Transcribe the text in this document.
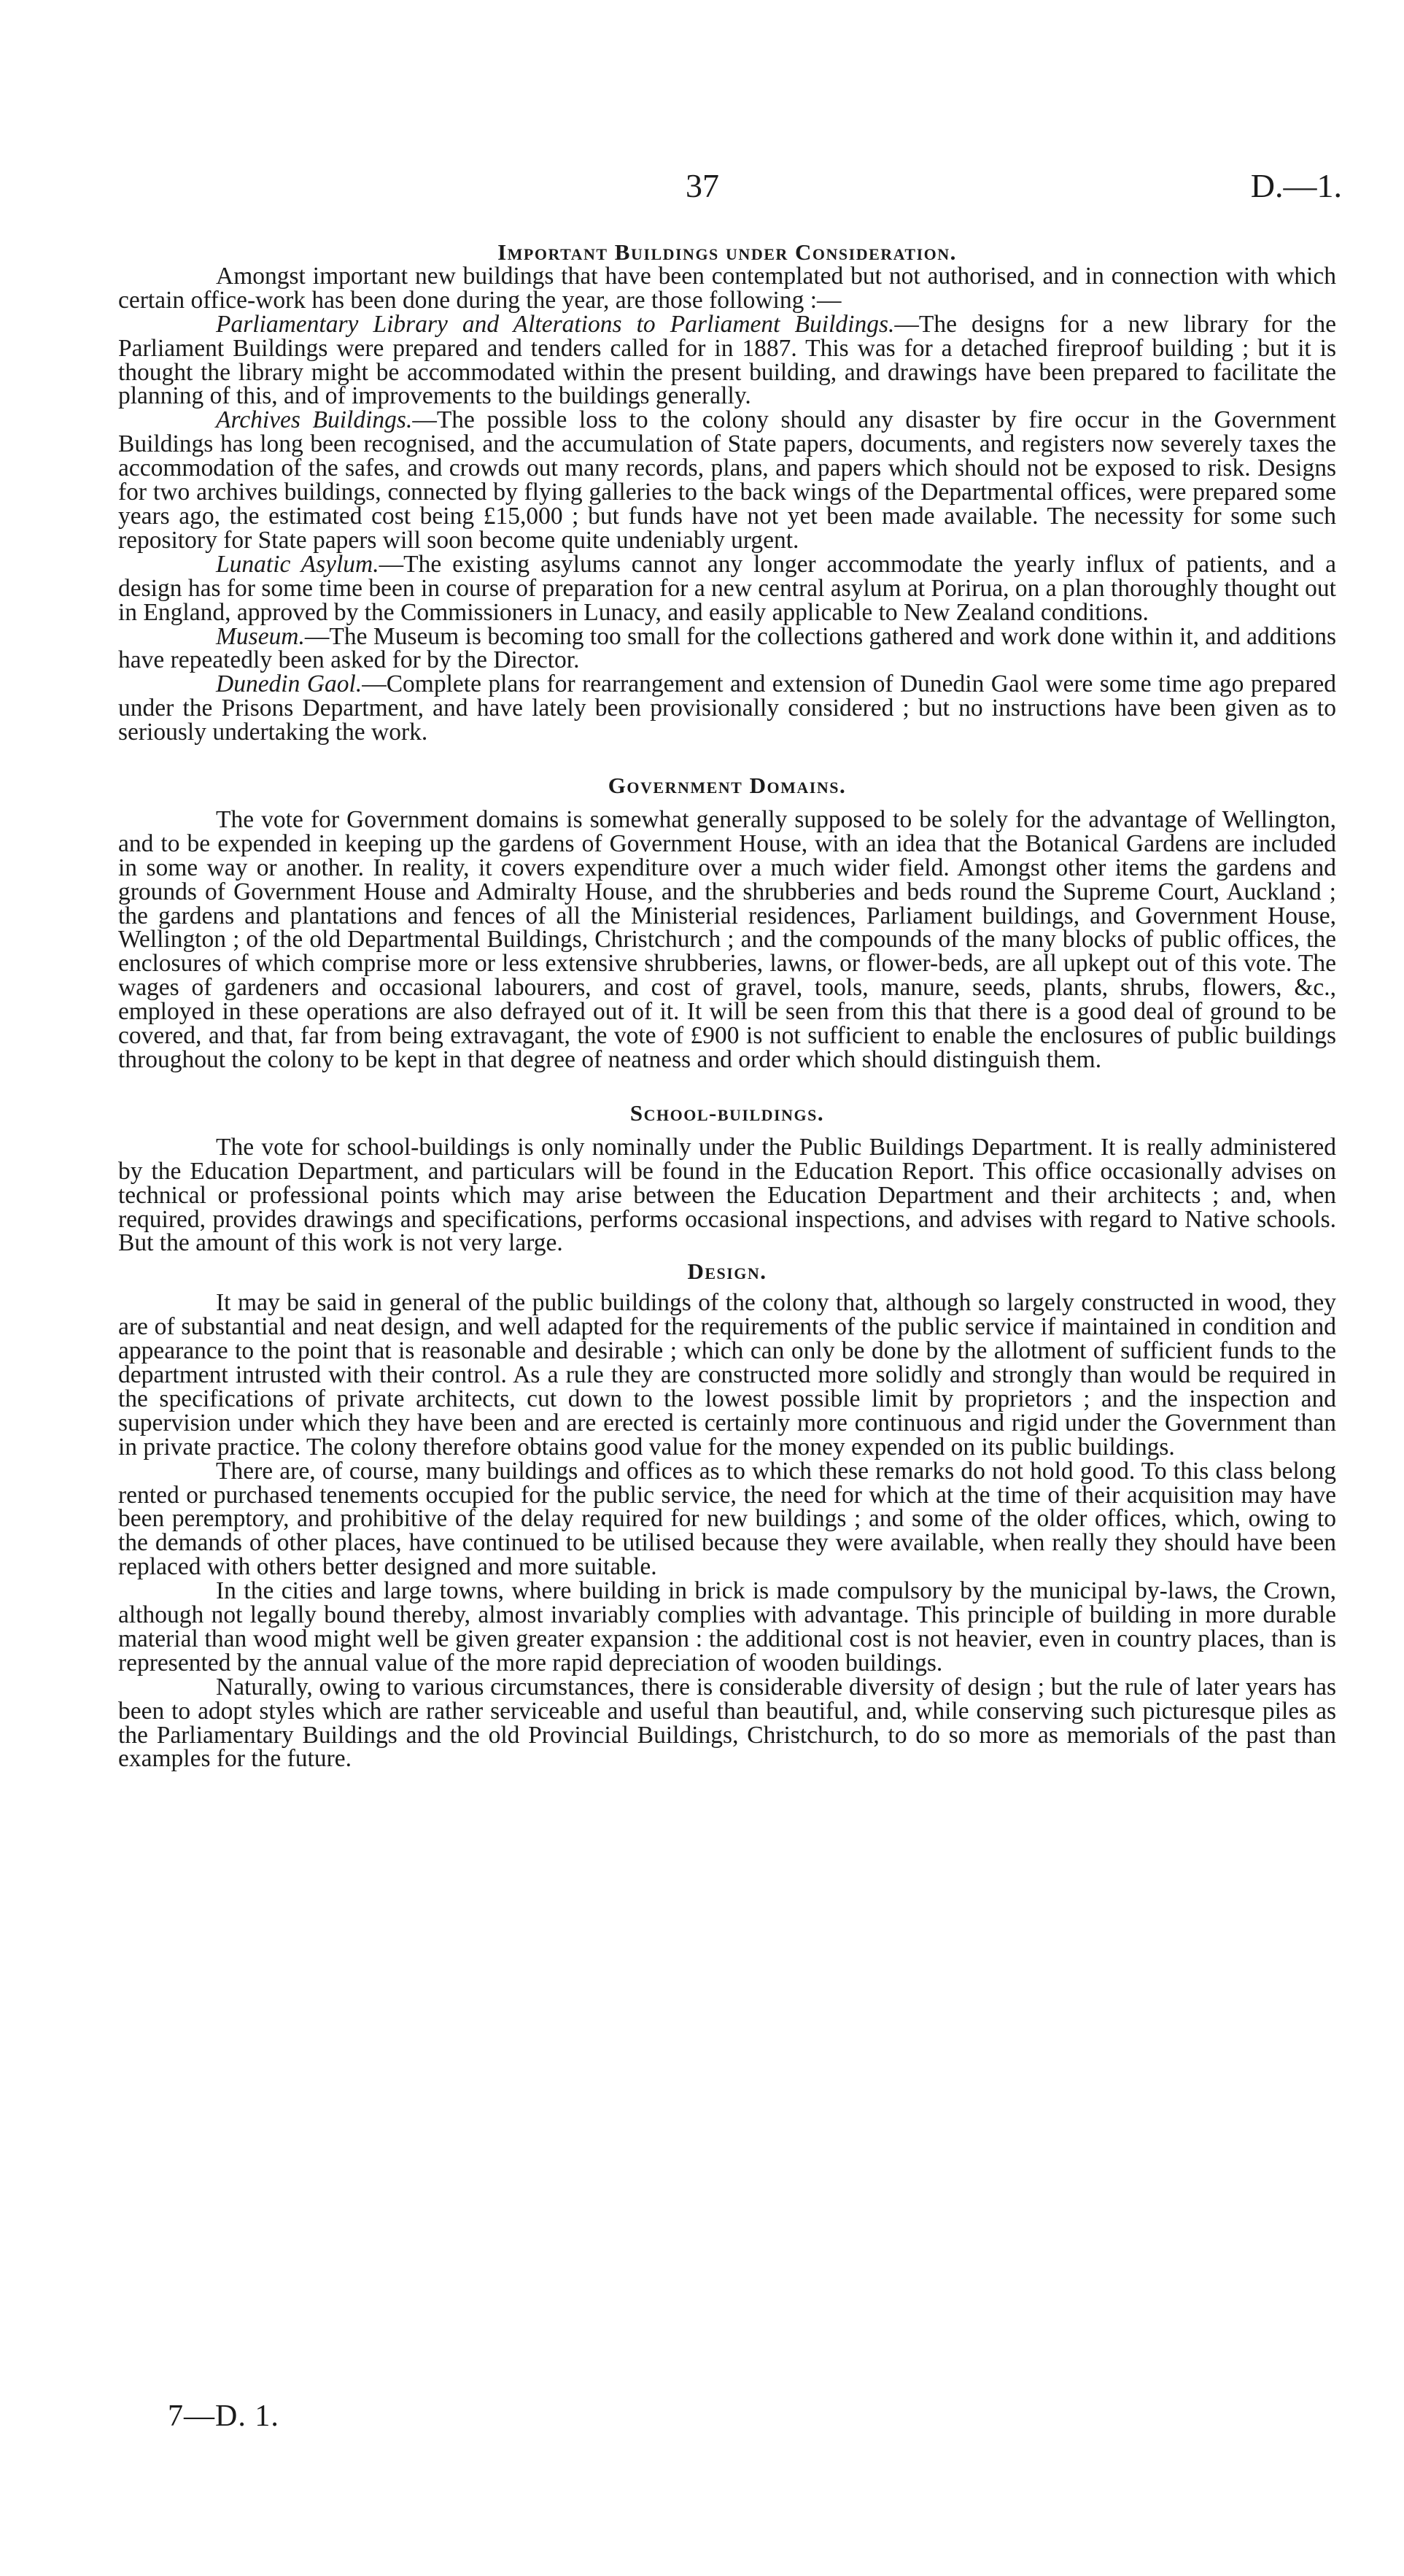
37	D.—1.
Important Buildings under Consideration.

Amongst important new buildings that have been contemplated but not authorised, and in connection with which certain office-work has been done during the year, are those following :—

Parliamentary Library and Alterations to Parliament Buildings.—The designs for a new library for the Parliament Buildings were prepared and tenders called for in 1887. This was for a detached fireproof building ; but it is thought the library might be accommodated within the present building, and drawings have been prepared to facilitate the planning of this, and of improvements to the buildings generally.

Archives Buildings.—The possible loss to the colony should any disaster by fire occur in the Government Buildings has long been recognised, and the accumulation of State papers, documents, and registers now severely taxes the accommodation of the safes, and crowds out many records, plans, and papers which should not be exposed to risk. Designs for two archives buildings, connected by flying galleries to the back wings of the Departmental offices, were prepared some years ago, the estimated cost being £15,000 ; but funds have not yet been made available. The necessity for some such repository for State papers will soon become quite undeniably urgent.

Lunatic Asylum.—The existing asylums cannot any longer accommodate the yearly influx of patients, and a design has for some time been in course of preparation for a new central asylum at Porirua, on a plan thoroughly thought out in England, approved by the Commissioners in Lunacy, and easily applicable to New Zealand conditions.

Museum.—The Museum is becoming too small for the collections gathered and work done within it, and additions have repeatedly been asked for by the Director.

Dunedin Gaol.—Complete plans for rearrangement and extension of Dunedin Gaol were some time ago prepared under the Prisons Department, and have lately been provisionally considered ; but no instructions have been given as to seriously undertaking the work.

Government Domains.

The vote for Government domains is somewhat generally supposed to be solely for the advantage of Wellington, and to be expended in keeping up the gardens of Government House, with an idea that the Botanical Gardens are included in some way or another. In reality, it covers expenditure over a much wider field. Amongst other items the gardens and grounds of Government House and Admiralty House, and the shrubberies and beds round the Supreme Court, Auckland ; the gardens and plantations and fences of all the Ministerial residences, Parliament buildings, and Government House, Wellington ; of the old Departmental Buildings, Christchurch ; and the compounds of the many blocks of public offices, the enclosures of which comprise more or less extensive shrubberies, lawns, or flower-beds, are all upkept out of this vote. The wages of gardeners and occasional labourers, and cost of gravel, tools, manure, seeds, plants, shrubs, flowers, &c., employed in these operations are also defrayed out of it. It will be seen from this that there is a good deal of ground to be covered, and that, far from being extravagant, the vote of £900 is not sufficient to enable the enclosures of public buildings throughout the colony to be kept in that degree of neatness and order which should distinguish them.

School-buildings.

The vote for school-buildings is only nominally under the Public Buildings Department. It is really administered by the Education Department, and particulars will be found in the Education Report. This office occasionally advises on technical or professional points which may arise between the Education Department and their architects ; and, when required, provides drawings and specifications, performs occasional inspections, and advises with regard to Native schools. But the amount of this work is not very large.

Design.

It may be said in general of the public buildings of the colony that, although so largely constructed in wood, they are of substantial and neat design, and well adapted for the requirements of the public service if maintained in condition and appearance to the point that is reasonable and desirable ; which can only be done by the allotment of sufficient funds to the department intrusted with their control. As a rule they are constructed more solidly and strongly than would be required in the specifications of private architects, cut down to the lowest possible limit by proprietors ; and the inspection and supervision under which they have been and are erected is certainly more continuous and rigid under the Government than in private practice. The colony therefore obtains good value for the money expended on its public buildings.

There are, of course, many buildings and offices as to which these remarks do not hold good. To this class belong rented or purchased tenements occupied for the public service, the need for which at the time of their acquisition may have been peremptory, and prohibitive of the delay required for new buildings ; and some of the older offices, which, owing to the demands of other places, have continued to be utilised because they were available, when really they should have been replaced with others better designed and more suitable.

In the cities and large towns, where building in brick is made compulsory by the municipal by-laws, the Crown, although not legally bound thereby, almost invariably complies with advantage. This principle of building in more durable material than wood might well be given greater expansion : the additional cost is not heavier, even in country places, than is represented by the annual value of the more rapid depreciation of wooden buildings.

Naturally, owing to various circumstances, there is considerable diversity of design ; but the rule of later years has been to adopt styles which are rather serviceable and useful than beautiful, and, while conserving such picturesque piles as the Parliamentary Buildings and the old Provincial Buildings, Christchurch, to do so more as memorials of the past than examples for the future.

7—D. 1.
